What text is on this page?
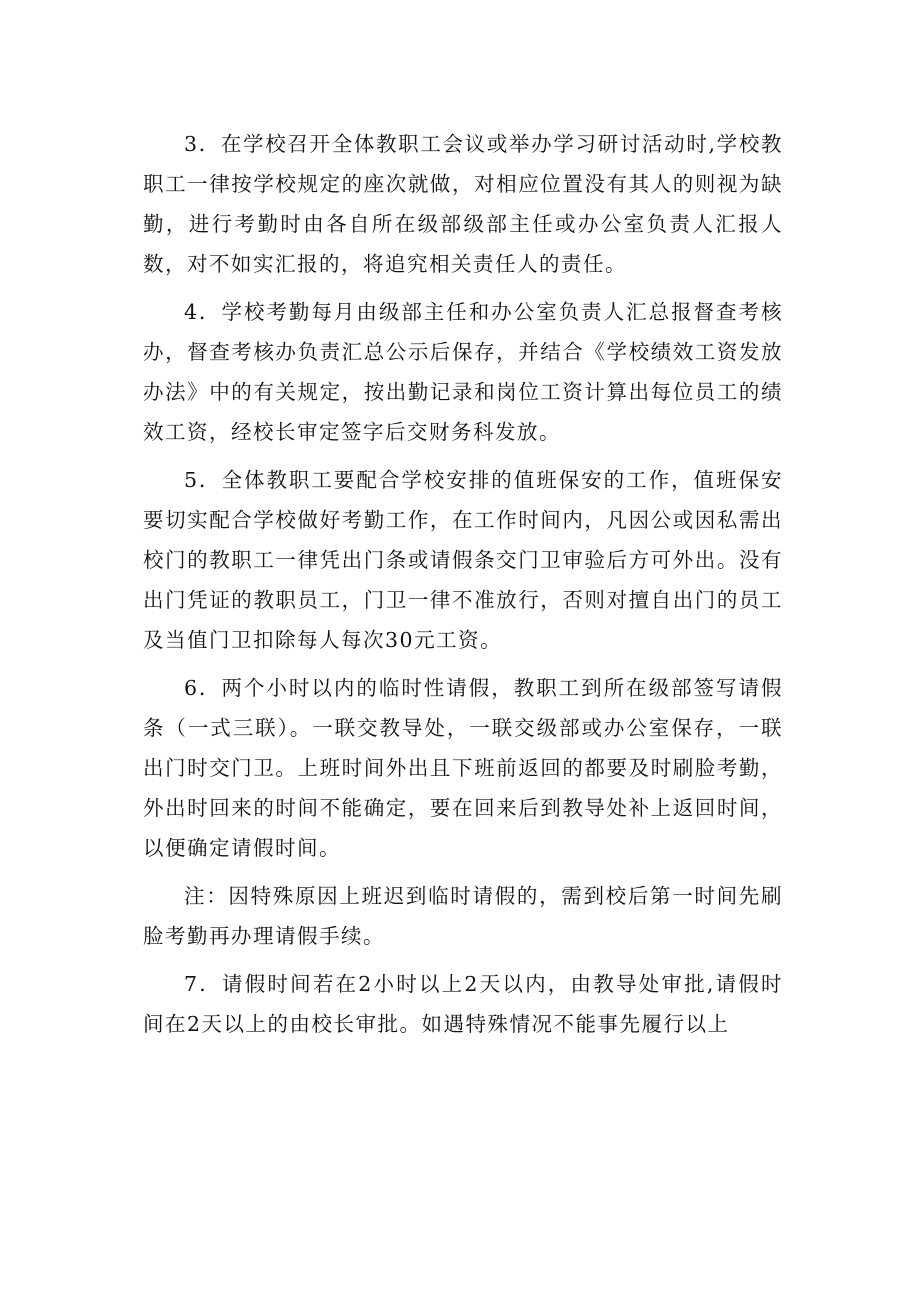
3．在学校召开全体教职工会议或举办学习研讨活动时,学校教职工一律按学校规定的座次就做，对相应位置没有其人的则视为缺勤，进行考勤时由各自所在级部级部主任或办公室负责人汇报人数，对不如实汇报的，将追究相关责任人的责任。

4．学校考勤每月由级部主任和办公室负责人汇总报督查考核办，督查考核办负责汇总公示后保存，并结合《学校绩效工资发放办法》中的有关规定，按出勤记录和岗位工资计算出每位员工的绩效工资，经校长审定签字后交财务科发放。

5．全体教职工要配合学校安排的值班保安的工作，值班保安要切实配合学校做好考勤工作，在工作时间内，凡因公或因私需出校门的教职工一律凭出门条或请假条交门卫审验后方可外出。没有出门凭证的教职员工，门卫一律不准放行，否则对擅自出门的员工及当值门卫扣除每人每次30元工资。

6．两个小时以内的临时性请假，教职工到所在级部签写请假条（一式三联）。一联交教导处，一联交级部或办公室保存，一联出门时交门卫。上班时间外出且下班前返回的都要及时刷脸考勤，外出时回来的时间不能确定，要在回来后到教导处补上返回时间，以便确定请假时间。

注：因特殊原因上班迟到临时请假的，需到校后第一时间先刷脸考勤再办理请假手续。

7．请假时间若在2小时以上2天以内，由教导处审批,请假时间在2天以上的由校长审批。如遇特殊情况不能事先履行以上
